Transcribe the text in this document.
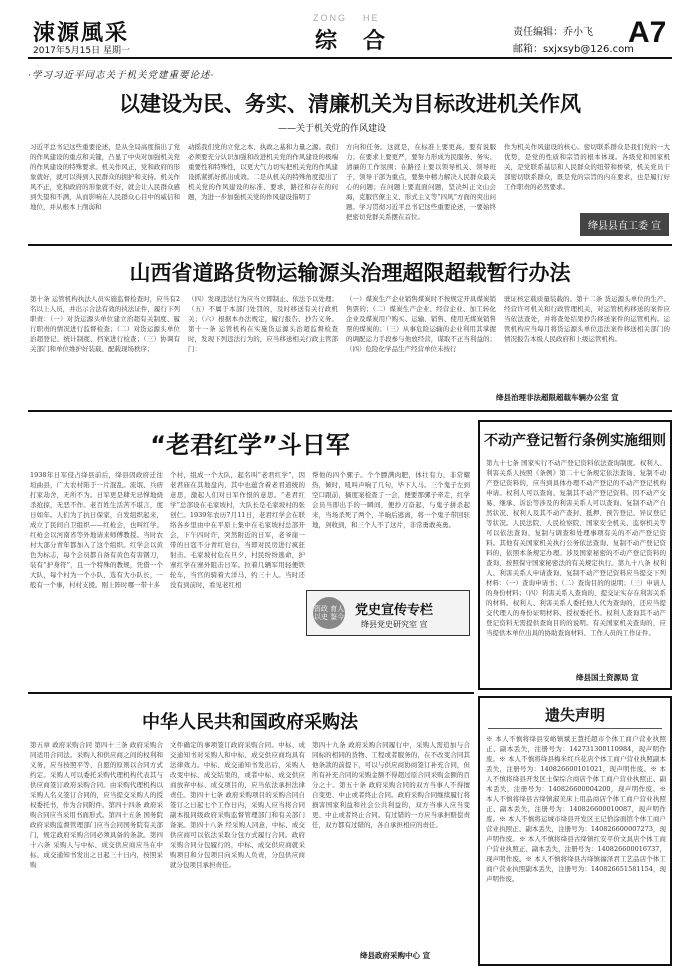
涑源風采
2017年5月15日 星期一
ZONG HE
综合	责任编辑：乔小飞
邮箱：sxjxsyb@126.com
A7
·学习习近平同志关于机关党建重要论述·
以建设为民、务实、清廉机关为目标改进机关作风
——关于机关党的作风建设
习近平总书记这些重要论述，是从全局高度指出了党的作风建设的重点和关键，凸显了中央对加强机关党的作风建设的特殊要求。机关作风正，党和政府的形象就好，就可以得到人民群众的拥护和支持。机关作风不正，党和政府的形象就不好，就会让人民群众感到失望和不满，从而影响在人民群众心目中的威信和地位，并从根本上削弱和
动摇我们党的立党之本、执政之基和力量之源。我们必须要充分认识加强和改进机关党的作风建设的极端重要性和特殊性，以更大气力切实把机关党的作风建设抓紧抓好抓出成效。二是从机关的特殊角度提出了机关党的作风建设的标准、要求，路径和存在的问题，为进一步加强机关党的作风建设指明了
方向和任务。这就是，在标准上要更高，要有说服力；在要求上要更严，要努力形成为民服务、务实、清廉的工作氛围；在路径上要以领导机关、领导班子、领导干部为重点，要集中精力解决人民群众最关心的问题；在问题上要直面问题，坚决纠正文山会海，克服官僚主义、形式主义等“四风”方面的突出问题。学习贯彻习近平总书记这些重要论述，一要始终把密切党群关系摆在首位。
作为机关作风建设的核心。密切联系群众是我们党的一大优势，是党的性质和宗旨的根本体现。各级党和国家机关，是党联系基层和人民群众的纽带和桥梁，机关党员干部密切联系群众，既是党的宗旨的内在要求，也是履行好工作职责的必然要求。
绛县县直工委 宣
山西省道路货物运输源头治理超限超载暂行办法
第十条 运管机构执法人员实施监督检查时，应当有2名以上人员，并出示合法有效的执法证件，履行下列职责：（一）对货运源头单位建立治超有关制度、履行职责的情况进行监督检查；（二）对货运源头单位治超登记、统计制度、档案进行检查；（三）协调有关部门和单位维护好装载、配载现场秩序；
（四）发现违法行为应当立即制止、依法予以处理；（五）不属于本部门处罚的，及时移送有关行政机关；（六）根据本办法规定，履行报告、抄告义务。第十一条 运管机构在实施货运源头治超监督检查时，发现下列违法行为的，应当移送相关行政主管部门：
（一）煤炭生产企业销售煤炭时不按规定开具煤炭销售票的；（二）煤炭生产企业、经营企业、加工转化企业及煤炭用户购买、运输、销售、使用无煤炭销售票的煤炭的；（三）从事危险运输的企业利用其掌握的调配运力手段参与他放经营，谋取不正当利益的；（四）危险化学品生产经营单位未按行
驶证核定载质量装载的。第十二条 货运源头单位的生产、经营许可机关和行政管理机关，对运管机构移送的案件应当依法查处，并将查处结果抄告移送案件的运管机构。运管机构应当每月将货运源头单位违法案件移送相关部门的情况报告本级人民政府和上级运管机构。
绛县治理非法超限超载车辆办公室 宣
“老君红学”斗日军
1938年日军侵占绛县前后，绛县因政府迁往垣曲县，广大农村陷于一片混乱。流氓、兵痞打家劫舍，无所不为。日军更是肆无忌惮地烧杀抢掠，无恶不作。老百姓生活苦不堪言，度日如年。人们为了抗日保家，自发组织起来，成立了民间自卫组织——红枪会，也叫红学。红枪会以河南省等外地请来师傅教授。当时农村大部分青年都加入了这个组织。红学会以黄色为标志，每个会员都自备有黄色有害钢刀，装有“护身符”，且一个特殊的教规，凭借一个大队，每个村为一个小队，选有大小队长，一般有一个事，村村支援。刚上阵时哪一带十多
个村，组成一个大队，起名叫“老君红学”，因老君庙在其地盘内，其中也蕴含着老君道统的意思，激起人们对日军作恨的意思。“老君红学”总部设在毛家坡村，大队长是毛家坡村的张创仁。1939年农历7月11日，老君红学会在联络各乡里由中在平原上集中在毛家坡村总部开会，下午四时许，突然附近的日军，老爷崖一带的日寇不分青红皂白，当即对民房进行疯狂射击。毛家坡村危在旦夕，村民纷纷逃命，护寨红学在寨外阻击日军。拉着几辆军用轻便铁轮车，当官的骑着大洋马，约三十人。当时还没有到前时，看见老红相
帮他的四个骡子。个个膘满肉肥，体壮有力，非常耀热，倾时，吼叫声响了几句，毕下人马。三个鬼子左到空口跟前，摘度案检查了一会，便要那骡子牵走，红学会员当即出手的一瞬间，便抄刀奋起，与鬼子拼杀起来，当场杀死了两个，半晌后逃离，将一个鬼子带回驻地，剑收到，和三个人不了这片，非常勇敢英勇。
资政 育人 以史 鉴今 党史宣传专栏
绛县党史研究室 宣
不动产登记暂行条例实施细则
第九十七条 国家实行不动产登记资料依法查询制度。权利人、利害关系人按照《条例》第二十七条规定依法查询、复制不动产登记资料的，应当到具体办理不动产登记的不动产登记机构申请。权利人可以查询、复制其不动产登记资料。因不动产交易、继承、诉讼等涉及的利害关系人可以查询、复制不动产自然状况、权利人及其不动产查封、抵押、预告登记、异议登记等状况。人民法院、人民检察院、国家安全机关、监察机关等可以依法查询、复制与调查和处理事项有关的不动产登记资料。其他有关国家机关执行公务依法查询、复制不动产登记资料的，依照本条规定办理。涉及国家秘密的不动产登记资料的查询，按照保守国家秘密法的有关规定执行。第九十八条 权利人、利害关系人申请查询、复制不动产登记资料应当提交下列材料：（一）查询申请书；（二）查询目的的说明；（三）申请人的身份材料；（四）利害关系人查询的，提交证实存在利害关系的材料。权利人、利害关系人委托他人代为查询的，还应当提交代理人的身份证明材料、授权委托书。权利人查询其不动产登记资料无需提供查询目的的说明。有关国家机关查询的，应当提供本单位出具的协助查询材料、工作人员的工作证件。
绛县国土资源局 宣
中华人民共和国政府采购法
第五章 政府采购合同 第四十三条 政府采购合同适用合同法。采购人和供应商之间的权利和义务，应当按照平等、自愿的原则以合同方式约定。采购人可以委托采购代理机构代表其与供应商签订政府采购合同。由采购代理机构以采购人名义签订合同的，应当提交采购人的授权委托书，作为合同附件。第四十四条 政府采购合同应当采用书面形式。第四十五条 国务院政府采购监督管理部门应当会同国务院有关部门，规定政府采购合同必须具备的条款。第四十六条 采购人与中标、成交供应商应当在中标、成交通知书发出之日起三十日内，按照采购
文件确定的事项签订政府采购合同。中标、成交通知书对采购人和中标、成交供应商均具有法律效力。中标、成交通知书发出后，采购人改变中标、成交结果的，或者中标、成交供应商放弃中标、成交项目的，应当依法承担法律责任。第四十七条 政府采购项目的采购合同自签订之日起七个工作日内，采购人应当将合同副本报同级政府采购监督管理部门和有关部门备案。第四十八条 经采购人同意，中标、成交供应商可以依法采取分包方式履行合同。政府采购合同分包履行的，中标、成交供应商就采购项目和分包项目向采购人负责，分包供应商就分包项目承担责任。
第四十九条 政府采购合同履行中，采购人需追加与合同标的相同的货物、工程或者服务的，在不改变合同其他条款的前提下，可以与供应商协商签订补充合同，但所有补充合同的采购金额不得超过原合同采购金额的百分之十。第五十条 政府采购合同的双方当事人不得擅自变更、中止或者终止合同。政府采购合同继续履行将损害国家利益和社会公共利益的，双方当事人应当变更、中止或者终止合同。有过错的一方应当承担赔偿责任，双方都有过错的，各自承担相应的责任。
绛县政府采购中心 宣
遗失声明
※ 本人不慎将绛县安峪镇斌王慧托超市个体工商户营业执照正、副本丢失，注册号为：142731300110984，现声明作废。※ 本人不慎将绛县梅米红兵花店个体工商户营业执照副本丢失，注册号为：140826600101021，现声明作废。※ 本人不慎将绛县开发区士保综合商店个体工商户营业执照正、副本丢失，注册号为：140826600004200，现声明作废。※ 本人不慎将绛县古绛镇淑美床上用品商店个体工商户营业执照正、副本丢失，注册号为：140826600010087，现声明作废。※ 本人不慎将运城市绛县开发区王记恰涂面馆个体工商户营业执照正、副本丢失，注册号为：140826600007273，现声明作废。※ 本人不慎将绛县古绛镇红安平价文具店个体工商户营业执照正、副本丢失，注册号为：140826600016737，现声明作废。※ 本人不慎将绛县古绛镇福泽君工艺品店个体工商户营业执照副本丢失，注册号为：140826651581154，现声明作废。
